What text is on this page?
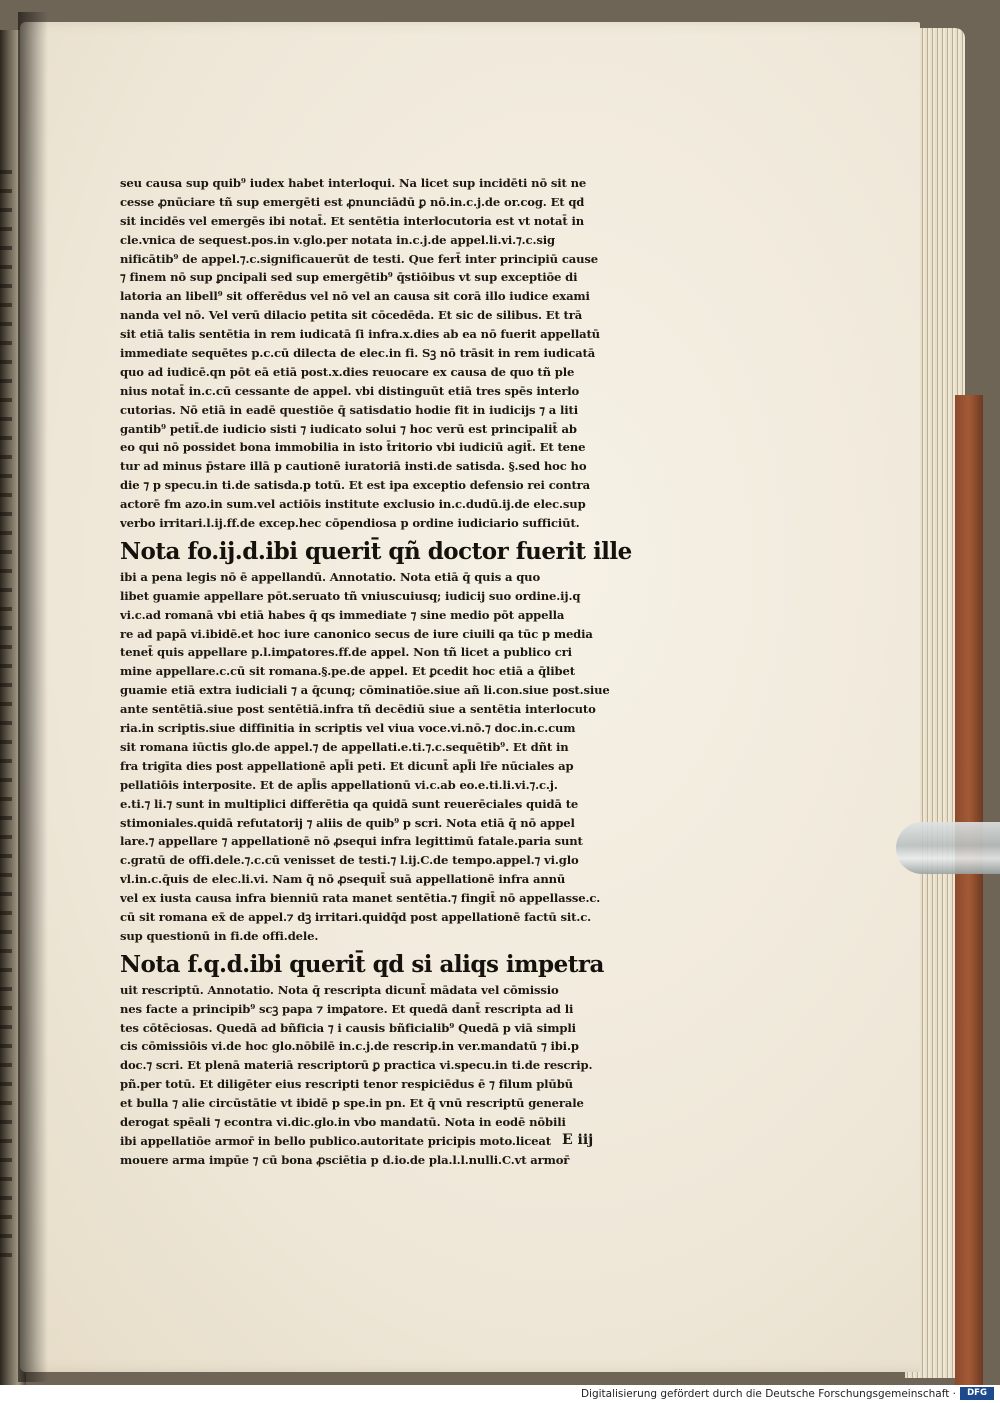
seu causa sup quib⁹ iudex habet interloqui. Na licet sup incidēti nō sit ne
cesse ꝓnūciare tñ sup emergēti est ꝓnunciādū ꝑ nō.in.c.j.de or.cog. Et qd
sit incidēs vel emergēs ibi notat̄. Et sentētia interlocutoria est vt notat̄ in
cle.vnica de sequest.pos.in v.glo.per notata in.c.j.de appel.li.vi.⁊.c.sig
nificātib⁹ de appel.⁊.c.significauerūt de testi. Que fert̄ inter principiū cause
⁊ finem nō sup ꝑncipali sed sup emergētib⁹ q̄stiōibus vt sup exceptiōe di
latoria an libell⁹ sit offerēdus vel nō vel an causa sit corā illo iudice exami
nanda vel nō. Vel verū dilacio petita sit cōcedēda. Et sic de silibus. Et trā
sit etiā talis sentētia in rem iudicatā ſi infra.x.dies ab ea nō fuerit appellatū
immediate sequētes p.c.cū dilecta de elec.in fi. Sꝫ nō trāsit in rem iudicatā
quo ad iudicē.qn pōt eā etiā post.x.dies reuocare ex causa de quo tñ ple
nius notat̄ in.c.cū cessante de appel. vbi distinguūt etiā tres spēs interlo
cutorias. Nō etiā in eadē questiōe q̄ satisdatio hodie fit in iudicijs ⁊ a liti
gantib⁹ petit̄.de iudicio sisti ⁊ iudicato solui ⁊ hoc verū est principalit̄ ab
eo qui nō possidet bona immobilia in isto t̄ritorio vbi iudiciū agit̄. Et tene
tur ad minus p̄stare illā p cautionē iuratoriā insti.de satisda. §.sed hoc ho
die ⁊ p specu.in ti.de satisda.p totū. Et est ipa exceptio defensio rei contra
actorē fm azo.in sum.vel actiōis institute exclusio in.c.dudū.ij.de elec.sup
verbo irritari.l.ij.ff.de excep.hec cōpendiosa p ordine iudiciario sufficiūt.
Nota fo.ij.d.ibi querit̄ qñ doctor fuerit ille
ibi a pena legis nō ē appellandū. Annotatio. Nota etiā q̄ quis a quo
libet guamie appellare pōt.seruato tñ vniuscuiusq; iudicij suo ordine.ij.q
vi.c.ad romanā vbi etiā habes q̄ qs immediate ⁊ sine medio pōt appella
re ad papā vi.ibidē.et hoc iure canonico secus de iure ciuili qa tūc p media
tenet̄ quis appellare p.l.imꝑatores.ff.de appel. Non tñ licet a publico cri
mine appellare.c.cū sit romana.§.pe.de appel. Et ꝑcedit hoc etiā a q̄libet
guamie etiā extra iudiciali ⁊ a q̄cunq; cōminatiōe.siue añ li.con.siue post.siue
ante sentētiā.siue post sentētiā.infra tñ decēdiū siue a sentētia interlocuto
ria.in scriptis.siue diffinitia in scriptis vel viua voce.vi.nō.⁊ doc.in.c.cum
sit romana iūctis glo.de appel.⁊ de appellati.e.ti.⁊.c.sequētib⁹. Et dñt in
fra trigīta dies post appellationē apl̄i peti. Et dicunt̄ apl̄i lr̄e nūciales ap
pellatiōis interposite. Et de apl̄is appellationū vi.c.ab eo.e.ti.li.vi.⁊.c.j.
e.ti.⁊ li.⁊ sunt in multiplici differētia qa quidā sunt reuerēciales quidā te
stimoniales.quidā refutatorij ⁊ aliis de quib⁹ p scri. Nota etiā q̄ nō appel
lare.⁊ appellare ⁊ appellationē nō ꝓsequi infra legittimū fatale.paria sunt
c.gratū de offi.dele.⁊.c.cū venisset de testi.⁊ l.ij.C.de tempo.appel.⁊ vi.glo
vl.in.c.q̄uis de elec.li.vi. Nam q̄ nō ꝓsequit̄ suā appellationē infra annū
vel ex iusta causa infra bienniū rata manet sentētia.⁊ fingit̄ nō appellasse.c.
cū sit romana ex̄ de appel.⁊ dꝫ irritari.quidq̄d post appellationē factū sit.c.
sup questionū in fi.de offi.dele.
Nota f.q.d.ibi querit̄ qd si aliqs impetra
uit rescriptū. Annotatio. Nota q̄ rescripta dicunt̄ mādata vel cōmissio
nes facte a principib⁹ scꝫ papa ⁊ imꝑatore. Et quedā dant̄ rescripta ad li
tes cōtēciosas. Quedā ad bñficia ⁊ i causis bñficialib⁹ Quedā p viā simpli
cis cōmissiōis vi.de hoc glo.nōbilē in.c.j.de rescrip.in ver.mandatū ⁊ ibi.p
doc.⁊ scri. Et plenā materiā rescriptorū ꝑ practica vi.specu.in ti.de rescrip.
pñ.per totū. Et diligēter eius rescripti tenor respiciēdus ē ⁊ filum plūbū
et bulla ⁊ alie circūstātie vt ibidē p spe.in pn. Et q̄ vnū rescriptū generale
derogat spēali ⁊ econtra vi.dic.glo.in vbo mandatū. Nota in eodē nōbili
ibi appellatiōe armor̄ in bello publico.autoritate pricipis moto.liceat
mouere arma impūe ⁊ cū bona ꝓsciētia p d.io.de pla.l.l.nulli.C.vt armor̄
E iij
Digitalisierung gefördert durch die Deutsche Forschungsgemeinschaft ·	DFG
